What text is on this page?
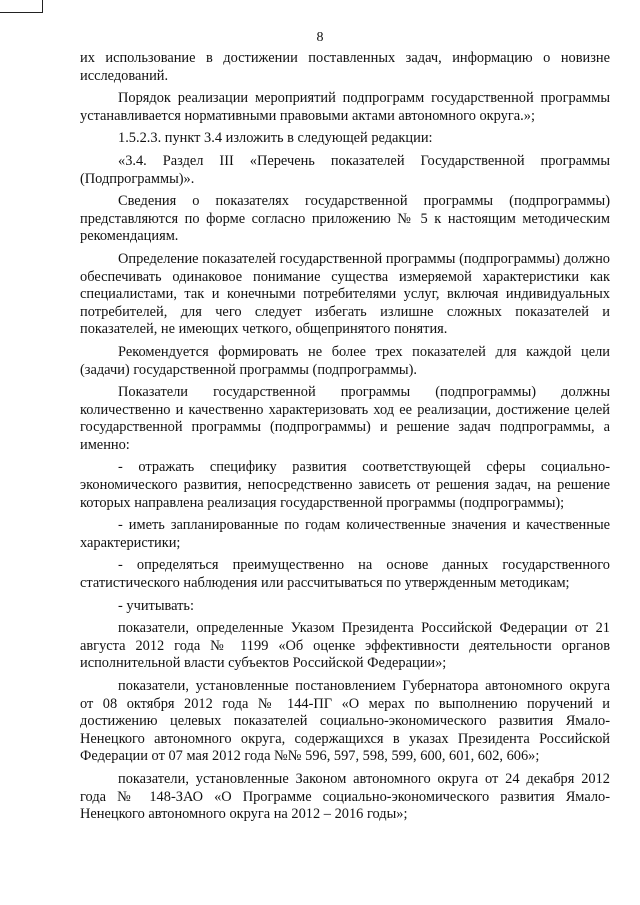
8

их использование в достижении поставленных задач, информацию о новизне исследований.

Порядок реализации мероприятий подпрограмм государственной программы устанавливается нормативными правовыми актами автономного округа.»;

1.5.2.3. пункт 3.4 изложить в следующей редакции:

«3.4. Раздел III «Перечень показателей Государственной программы (Подпрограммы)».

Сведения о показателях государственной программы (подпрограммы) представляются по форме согласно приложению № 5 к настоящим методическим рекомендациям.

Определение показателей государственной программы (подпрограммы) должно обеспечивать одинаковое понимание существа измеряемой характеристики как специалистами, так и конечными потребителями услуг, включая индивидуальных потребителей, для чего следует избегать излишне сложных показателей и показателей, не имеющих четкого, общепринятого понятия.

Рекомендуется формировать не более трех показателей для каждой цели (задачи) государственной программы (подпрограммы).

Показатели государственной программы (подпрограммы) должны количественно и качественно характеризовать ход ее реализации, достижение целей государственной программы (подпрограммы) и решение задач подпрограммы, а именно:

- отражать специфику развития соответствующей сферы социально-экономического развития, непосредственно зависеть от решения задач, на решение которых направлена реализация государственной программы (подпрограммы);

- иметь запланированные по годам количественные значения и качественные характеристики;

- определяться преимущественно на основе данных государственного статистического наблюдения или рассчитываться по утвержденным методикам;

- учитывать:

показатели, определенные Указом Президента Российской Федерации от 21 августа 2012 года № 1199 «Об оценке эффективности деятельности органов исполнительной власти субъектов Российской Федерации»;

показатели, установленные постановлением Губернатора автономного округа от 08 октября 2012 года № 144-ПГ «О мерах по выполнению поручений и достижению целевых показателей социально-экономического развития Ямало-Ненецкого автономного округа, содержащихся в указах Президента Российской Федерации от 07 мая 2012 года №№ 596, 597, 598, 599, 600, 601, 602, 606»;

показатели, установленные Законом автономного округа от 24 декабря 2012 года № 148-ЗАО «О Программе социально-экономического развития Ямало-Ненецкого автономного округа на 2012 – 2016 годы»;
